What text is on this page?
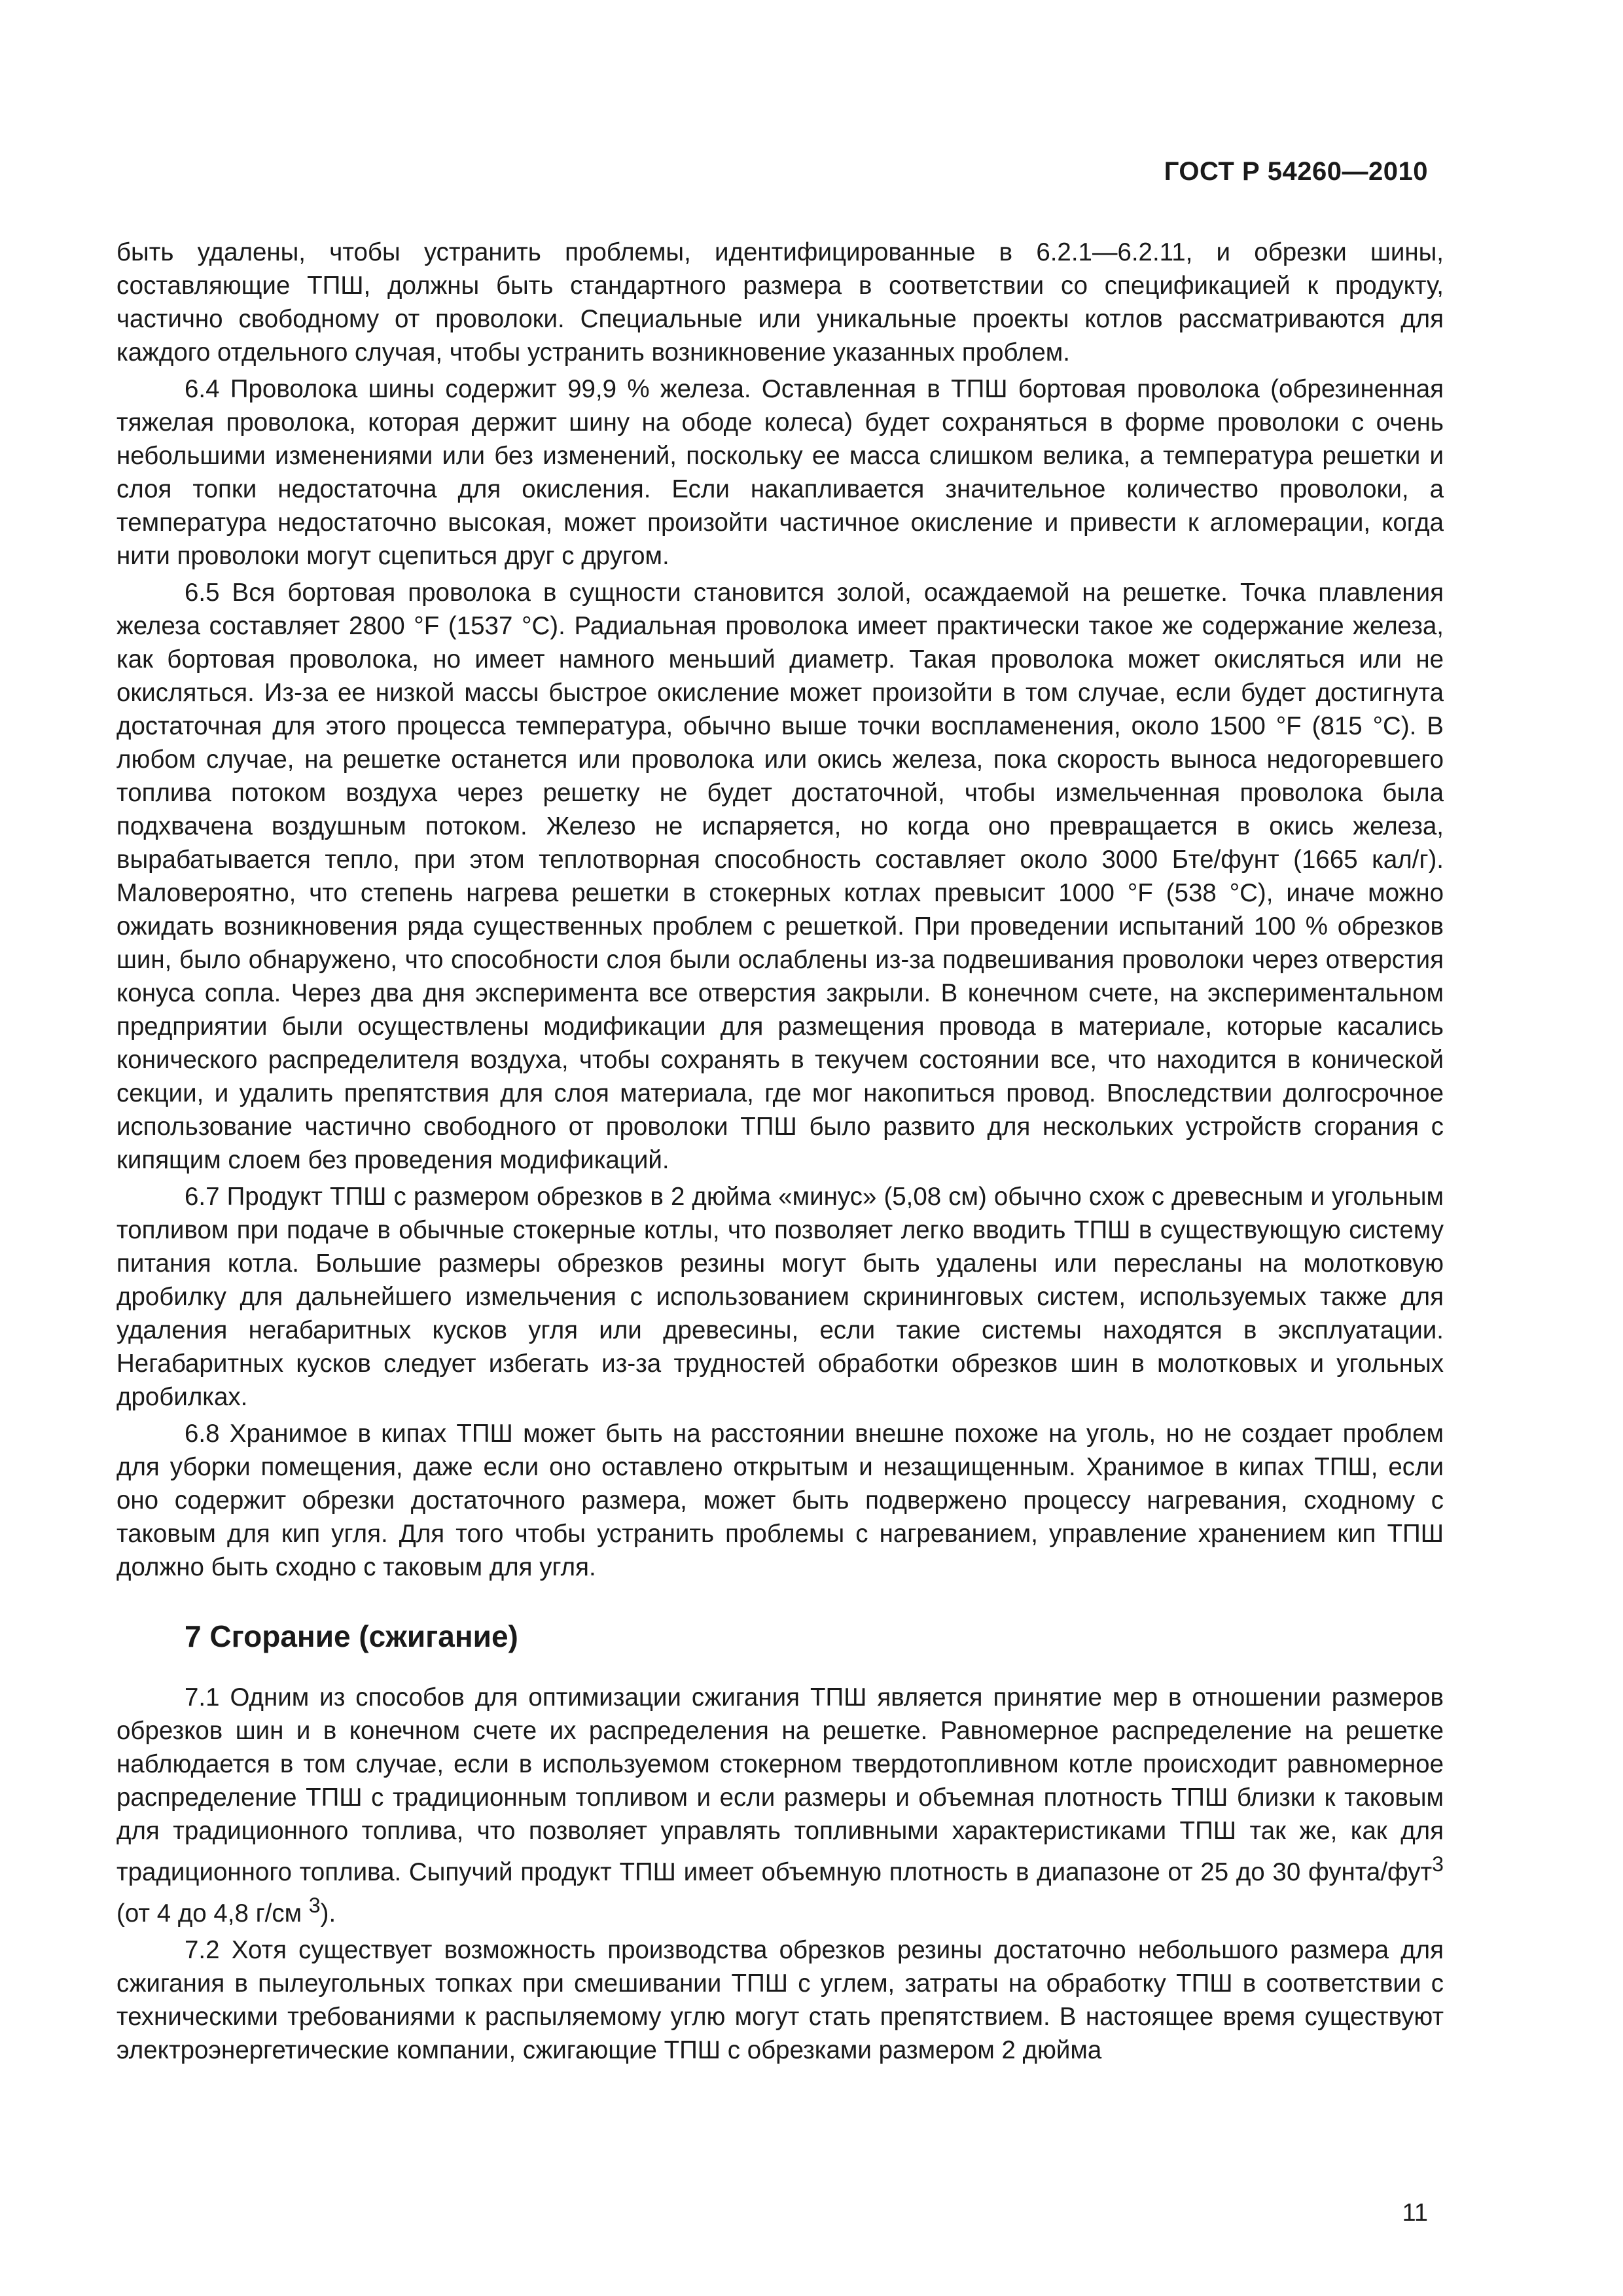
ГОСТ Р 54260—2010

быть удалены, чтобы устранить проблемы, идентифицированные в 6.2.1—6.2.11, и обрезки шины, составляющие ТПШ, должны быть стандартного размера в соответствии со спецификацией к продукту, частично свободному от проволоки. Специальные или уникальные проекты котлов рассматриваются для каждого отдельного случая, чтобы устранить возникновение указанных проблем.

6.4 Проволока шины содержит 99,9 % железа. Оставленная в ТПШ бортовая проволока (обрезиненная тяжелая проволока, которая держит шину на ободе колеса) будет сохраняться в форме проволоки с очень небольшими изменениями или без изменений, поскольку ее масса слишком велика, а температура решетки и слоя топки недостаточна для окисления. Если накапливается значительное количество проволоки, а температура недостаточно высокая, может произойти частичное окисление и привести к агломерации, когда нити проволоки могут сцепиться друг с другом.

6.5 Вся бортовая проволока в сущности становится золой, осаждаемой на решетке. Точка плавления железа составляет 2800 °F (1537 °С). Радиальная проволока имеет практически такое же содержание железа, как бортовая проволока, но имеет намного меньший диаметр. Такая проволока может окисляться или не окисляться. Из-за ее низкой массы быстрое окисление может произойти в том случае, если будет достигнута достаточная для этого процесса температура, обычно выше точки воспламенения, около 1500 °F (815 °С). В любом случае, на решетке останется или проволока или окись железа, пока скорость выноса недогоревшего топлива потоком воздуха через решетку не будет достаточной, чтобы измельченная проволока была подхвачена воздушным потоком. Железо не испаряется, но когда оно превращается в окись железа, вырабатывается тепло, при этом теплотворная способность составляет около 3000 Бте/фунт (1665 кал/г). Маловероятно, что степень нагрева решетки в стокерных котлах превысит 1000 °F (538 °С), иначе можно ожидать возникновения ряда существенных проблем с решеткой. При проведении испытаний 100 % обрезков шин, было обнаружено, что способности слоя были ослаблены из-за подвешивания проволоки через отверстия конуса сопла. Через два дня эксперимента все отверстия закрыли. В конечном счете, на экспериментальном предприятии были осуществлены модификации для размещения провода в материале, которые касались конического распределителя воздуха, чтобы сохранять в текучем состоянии все, что находится в конической секции, и удалить препятствия для слоя материала, где мог накопиться провод. Впоследствии долгосрочное использование частично свободного от проволоки ТПШ было развито для нескольких устройств сгорания с кипящим слоем без проведения модификаций.

6.7 Продукт ТПШ с размером обрезков в 2 дюйма «минус» (5,08 см) обычно схож с древесным и угольным топливом при подаче в обычные стокерные котлы, что позволяет легко вводить ТПШ в существующую систему питания котла. Большие размеры обрезков резины могут быть удалены или пересланы на молотковую дробилку для дальнейшего измельчения с использованием скрининговых систем, используемых также для удаления негабаритных кусков угля или древесины, если такие системы находятся в эксплуатации. Негабаритных кусков следует избегать из-за трудностей обработки обрезков шин в молотковых и угольных дробилках.

6.8 Хранимое в кипах ТПШ может быть на расстоянии внешне похоже на уголь, но не создает проблем для уборки помещения, даже если оно оставлено открытым и незащищенным. Хранимое в кипах ТПШ, если оно содержит обрезки достаточного размера, может быть подвержено процессу нагревания, сходному с таковым для кип угля. Для того чтобы устранить проблемы с нагреванием, управление хранением кип ТПШ должно быть сходно с таковым для угля.

7 Сгорание (сжигание)

7.1 Одним из способов для оптимизации сжигания ТПШ является принятие мер в отношении размеров обрезков шин и в конечном счете их распределения на решетке. Равномерное распределение на решетке наблюдается в том случае, если в используемом стокерном твердотопливном котле происходит равномерное распределение ТПШ с традиционным топливом и если размеры и объемная плотность ТПШ близки к таковым для традиционного топлива, что позволяет управлять топливными характеристиками ТПШ так же, как для традиционного топлива. Сыпучий продукт ТПШ имеет объемную плотность в диапазоне от 25 до 30 фунта/фут$^3$ (от 4 до 4,8 г/см $^3$).

7.2 Хотя существует возможность производства обрезков резины достаточно небольшого размера для сжигания в пылеугольных топках при смешивании ТПШ с углем, затраты на обработку ТПШ в соответствии с техническими требованиями к распыляемому углю могут стать препятствием. В настоящее время существуют электроэнергетические компании, сжигающие ТПШ с обрезками размером 2 дюйма

11
